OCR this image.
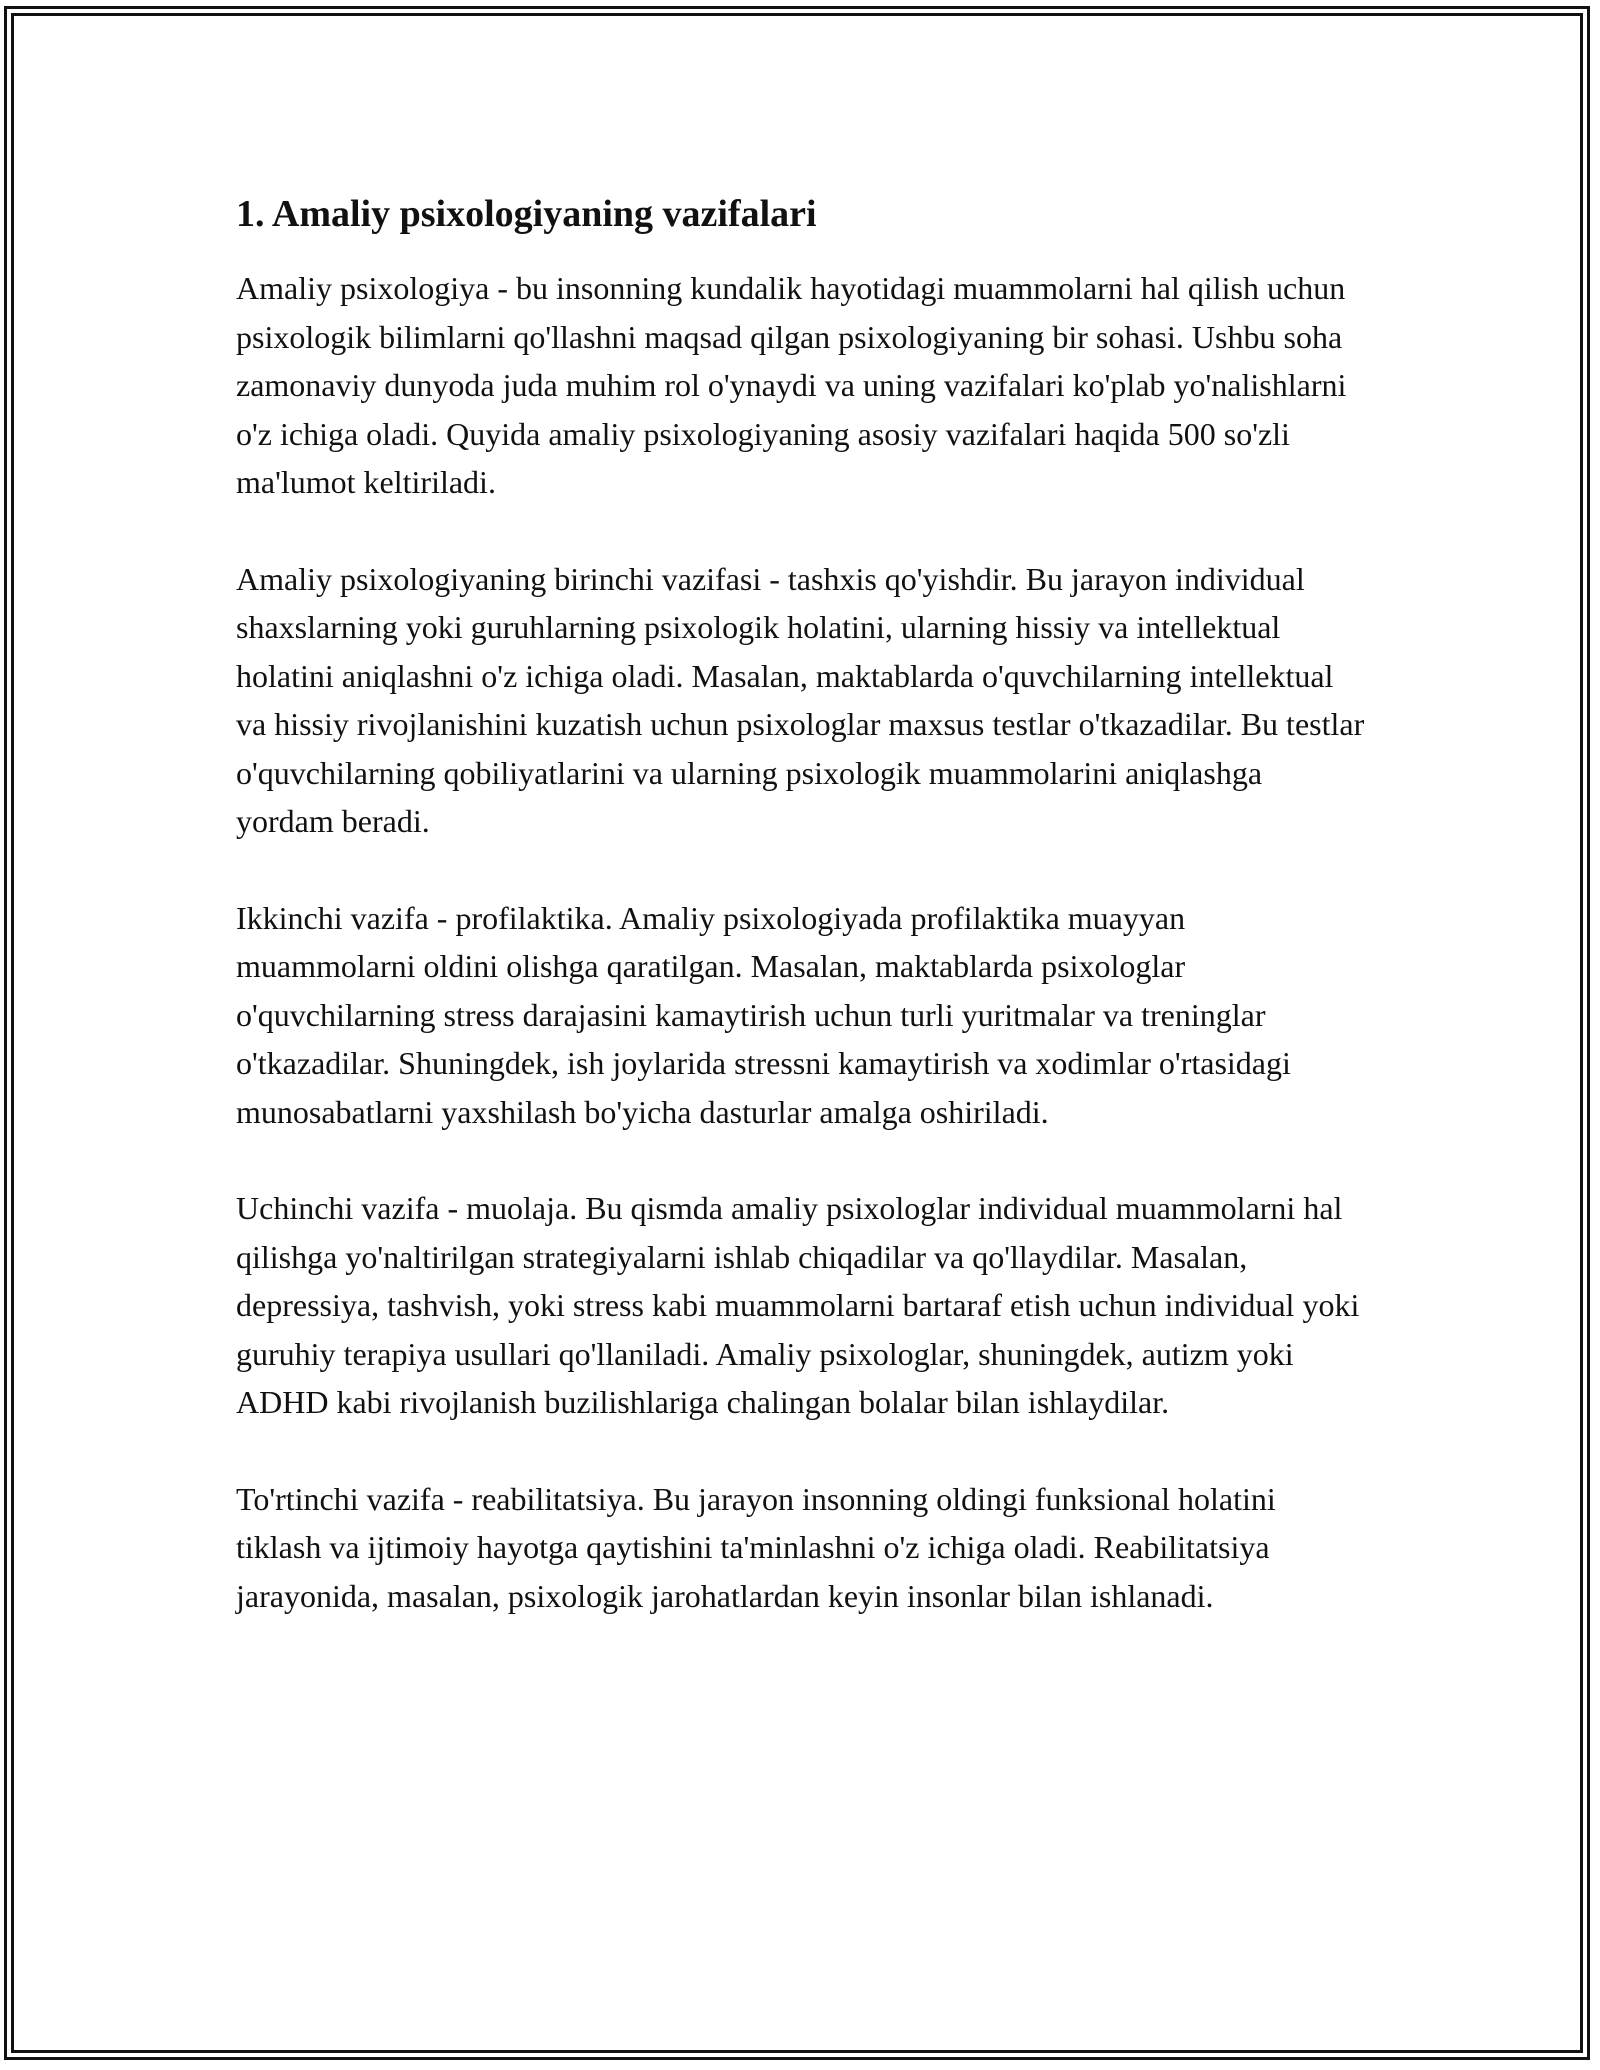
1. Amaliy psixologiyaning vazifalari

Amaliy psixologiya - bu insonning kundalik hayotidagi muammolarni hal qilish uchun psixologik bilimlarni qo'llashni maqsad qilgan psixologiyaning bir sohasi. Ushbu soha zamonaviy dunyoda juda muhim rol o'ynaydi va uning vazifalari ko'plab yo'nalishlarni o'z ichiga oladi. Quyida amaliy psixologiyaning asosiy vazifalari haqida 500 so'zli ma'lumot keltiriladi.

Amaliy psixologiyaning birinchi vazifasi - tashxis qo'yishdir. Bu jarayon individual shaxslarning yoki guruhlarning psixologik holatini, ularning hissiy va intellektual holatini aniqlashni o'z ichiga oladi. Masalan, maktablarda o'quvchilarning intellektual va hissiy rivojlanishini kuzatish uchun psixologlar maxsus testlar o'tkazadilar. Bu testlar o'quvchilarning qobiliyatlarini va ularning psixologik muammolarini aniqlashga yordam beradi.

Ikkinchi vazifa - profilaktika. Amaliy psixologiyada profilaktika muayyan muammolarni oldini olishga qaratilgan. Masalan, maktablarda psixologlar o'quvchilarning stress darajasini kamaytirish uchun turli yuritmalar va treninglar o'tkazadilar. Shuningdek, ish joylarida stressni kamaytirish va xodimlar o'rtasidagi munosabatlarni yaxshilash bo'yicha dasturlar amalga oshiriladi.

Uchinchi vazifa - muolaja. Bu qismda amaliy psixologlar individual muammolarni hal qilishga yo'naltirilgan strategiyalarni ishlab chiqadilar va qo'llaydilar. Masalan, depressiya, tashvish, yoki stress kabi muammolarni bartaraf etish uchun individual yoki guruhiy terapiya usullari qo'llaniladi. Amaliy psixologlar, shuningdek, autizm yoki ADHD kabi rivojlanish buzilishlariga chalingan bolalar bilan ishlaydilar.

To'rtinchi vazifa - reabilitatsiya. Bu jarayon insonning oldingi funksional holatini tiklash va ijtimoiy hayotga qaytishini ta'minlashni o'z ichiga oladi. Reabilitatsiya jarayonida, masalan, psixologik jarohatlardan keyin insonlar bilan ishlanadi.
